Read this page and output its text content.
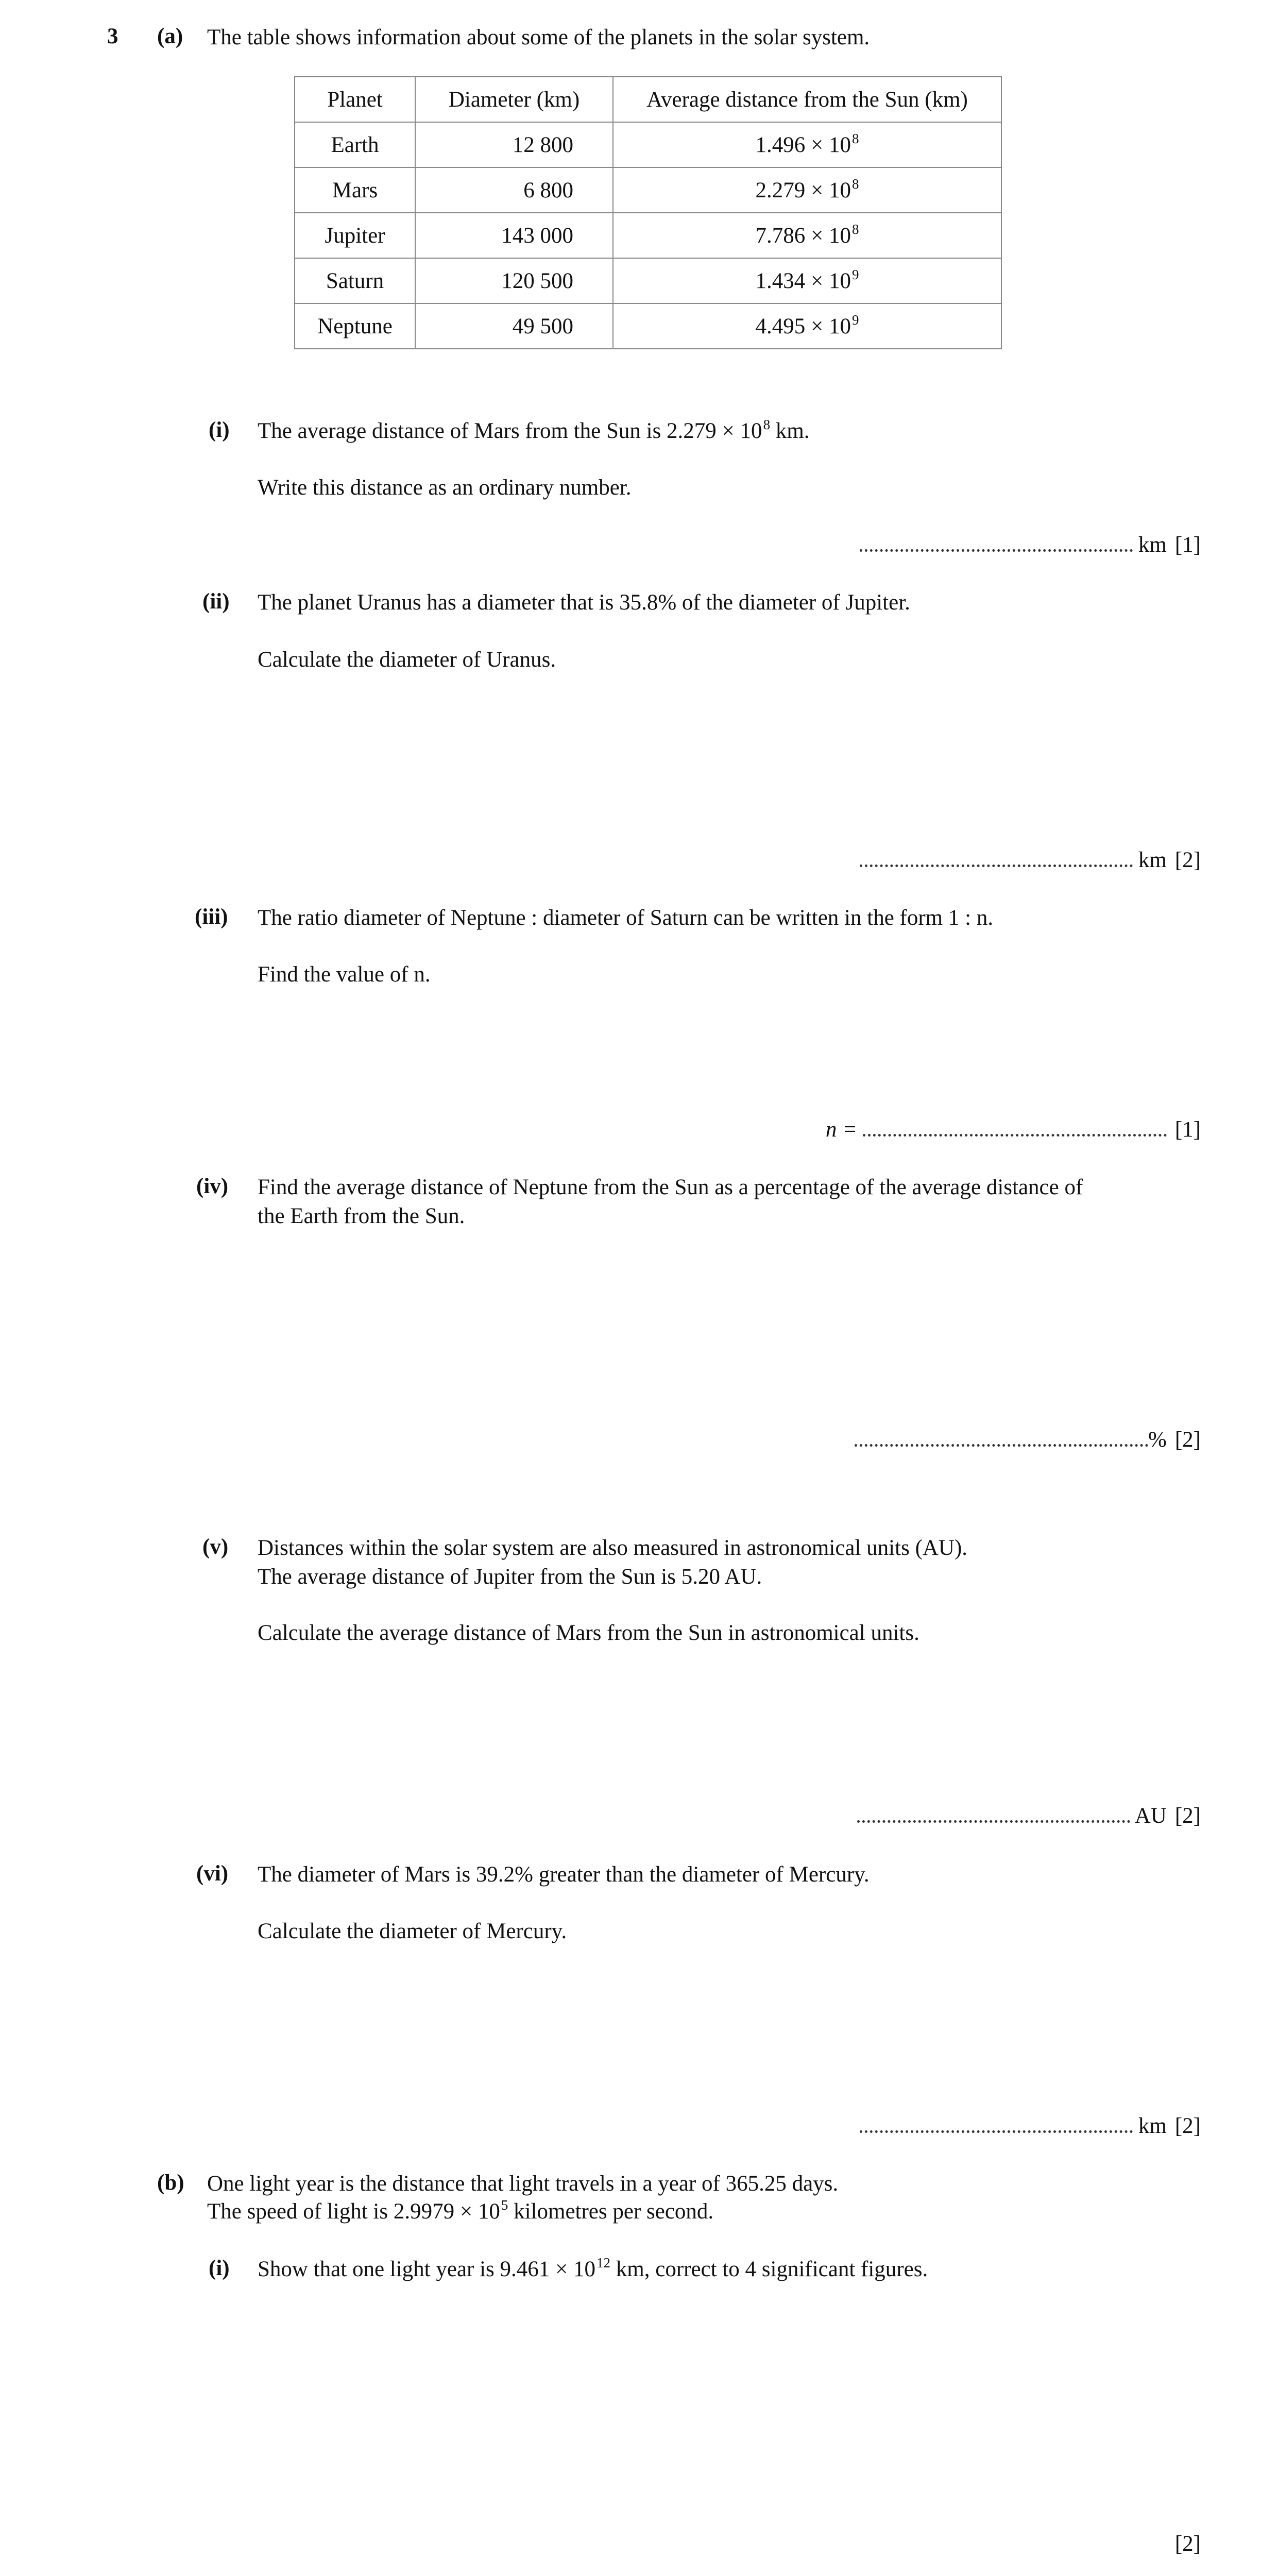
3 (a) The table shows information about some of the planets in the solar system.
Planet	Diameter (km)	Average distance from the Sun (km)
Earth	12 800	$1.496 \times 10^8$
Mars	6 800	$2.279 \times 10^8$
Jupiter	143 000	$7.786 \times 10^8$
Saturn	120 500	$1.434 \times 10^9$
Neptune	49 500	$4.495 \times 10^9$
(i) The average distance of Mars from the Sun is $2.279 \times 10^8$ km.
Write this distance as an ordinary number.
km [1]
(ii) The planet Uranus has a diameter that is 35.8% of the diameter of Jupiter.
Calculate the diameter of Uranus.
km [2]
(iii) The ratio diameter of Neptune : diameter of Saturn can be written in the form 1 : n.
Find the value of n.
n =	[1]
(iv) Find the average distance of Neptune from the Sun as a percentage of the average distance of
the Earth from the Sun.
% [2]
(v) Distances within the solar system are also measured in astronomical units (AU).
The average distance of Jupiter from the Sun is 5.20 AU.
Calculate the average distance of Mars from the Sun in astronomical units.
AU [2]
(vi) The diameter of Mars is 39.2% greater than the diameter of Mercury.
Calculate the diameter of Mercury.
km [2]
(b) One light year is the distance that light travels in a year of 365.25 days.
The speed of light is $2.9979 \times 10^5$ kilometres per second.
(i) Show that one light year is $9.461 \times 10^{12}$ km, correct to 4 significant figures.
[2]
